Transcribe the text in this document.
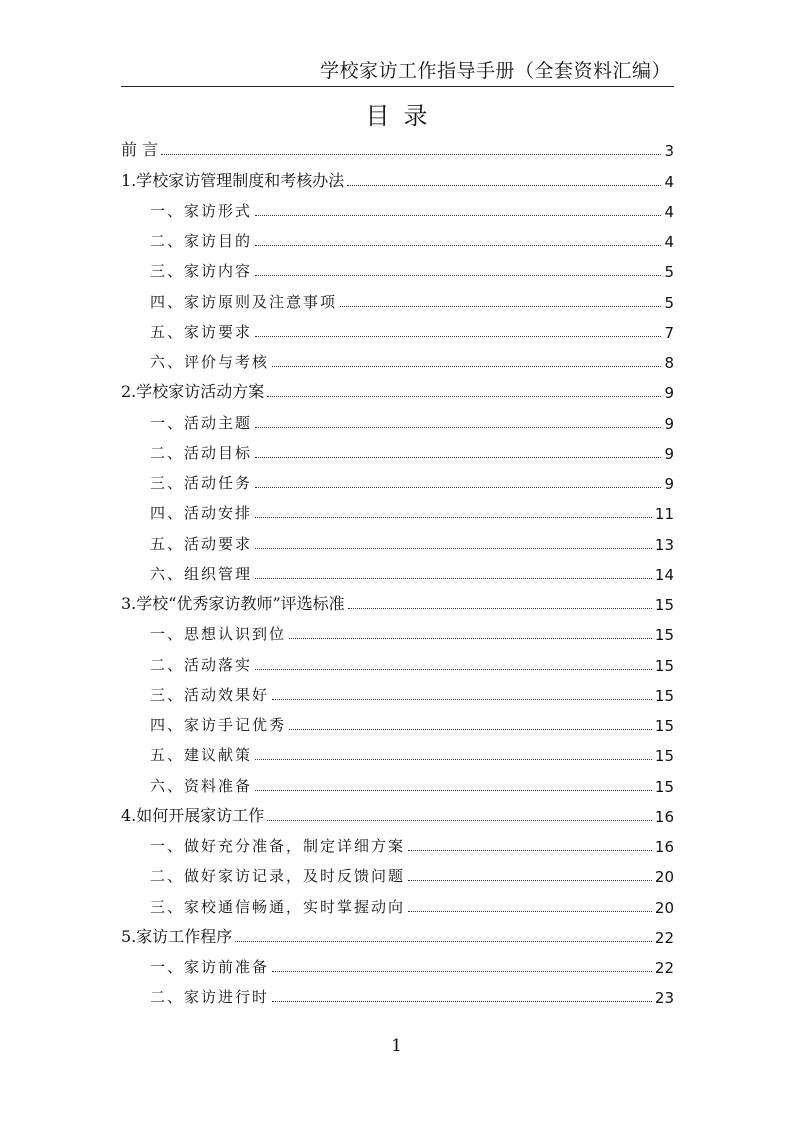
学校家访工作指导手册（全套资料汇编）
目录
前 言	3
1.学校家访管理制度和考核办法	4
一、家访形式	4
二、家访目的	4
三、家访内容	5
四、家访原则及注意事项	5
五、家访要求	7
六、评价与考核	8
2.学校家访活动方案	9
一、活动主题	9
二、活动目标	9
三、活动任务	9
四、活动安排	11
五、活动要求	13
六、组织管理	14
3.学校“优秀家访教师”评选标准	15
一、思想认识到位	15
二、活动落实	15
三、活动效果好	15
四、家访手记优秀	15
五、建议献策	15
六、资料准备	15
4.如何开展家访工作	16
一、做好充分准备，制定详细方案	16
二、做好家访记录，及时反馈问题	20
三、家校通信畅通，实时掌握动向	20
5.家访工作程序	22
一、家访前准备	22
二、家访进行时	23
1
